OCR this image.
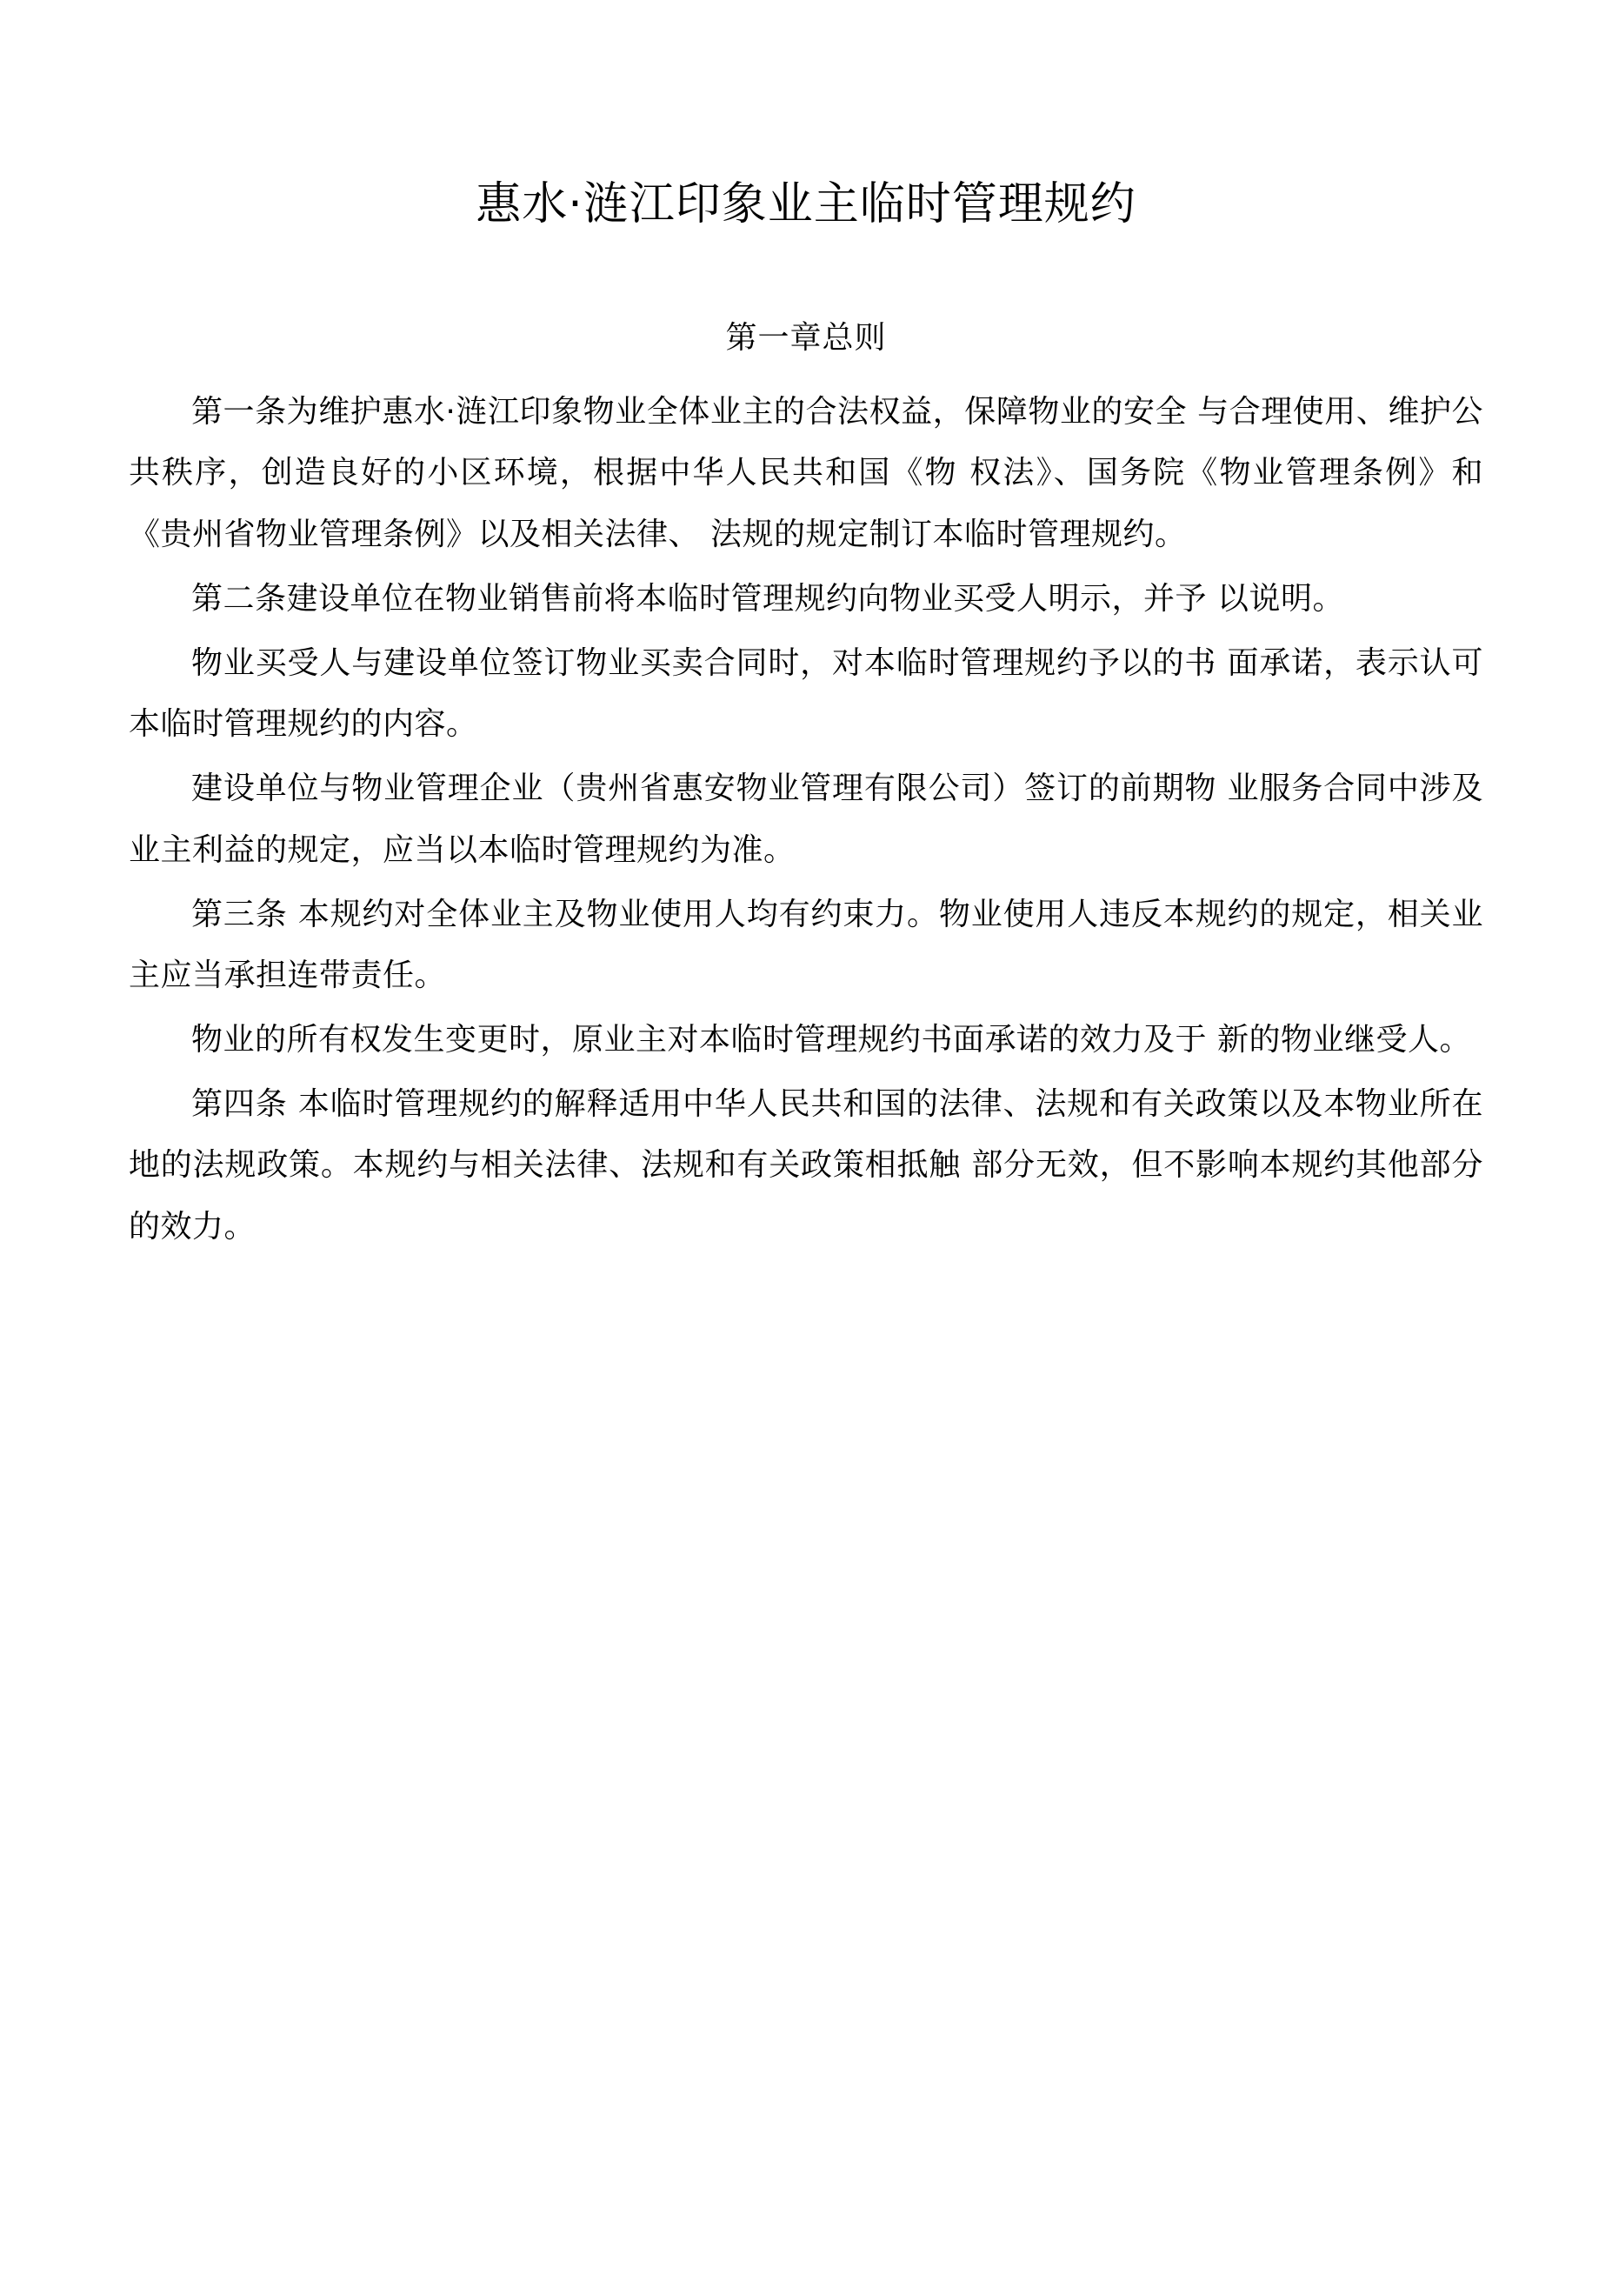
惠水·涟江印象业主临时管理规约
第一章总则

第一条为维护惠水·涟江印象物业全体业主的合法权益，保障物业的安全 与合理使用、维护公共秩序，创造良好的小区环境，根据中华人民共和国《物 权法》、国务院《物业管理条例》和《贵州省物业管理条例》以及相关法律、 法规的规定制订本临时管理规约。

第二条建设单位在物业销售前将本临时管理规约向物业买受人明示，并予 以说明。

物业买受人与建设单位签订物业买卖合同时，对本临时管理规约予以的书 面承诺，表示认可本临时管理规约的内容。

建设单位与物业管理企业（贵州省惠安物业管理有限公司）签订的前期物 业服务合同中涉及业主利益的规定，应当以本临时管理规约为准。

第三条 本规约对全体业主及物业使用人均有约束力。物业使用人违反本规约的规定，相关业主应当承担连带责任。

物业的所有权发生变更时，原业主对本临时管理规约书面承诺的效力及于 新的物业继受人。

第四条 本临时管理规约的解释适用中华人民共和国的法律、法规和有关政策以及本物业所在地的法规政策。本规约与相关法律、法规和有关政策相抵触 部分无效，但不影响本规约其他部分的效力。
